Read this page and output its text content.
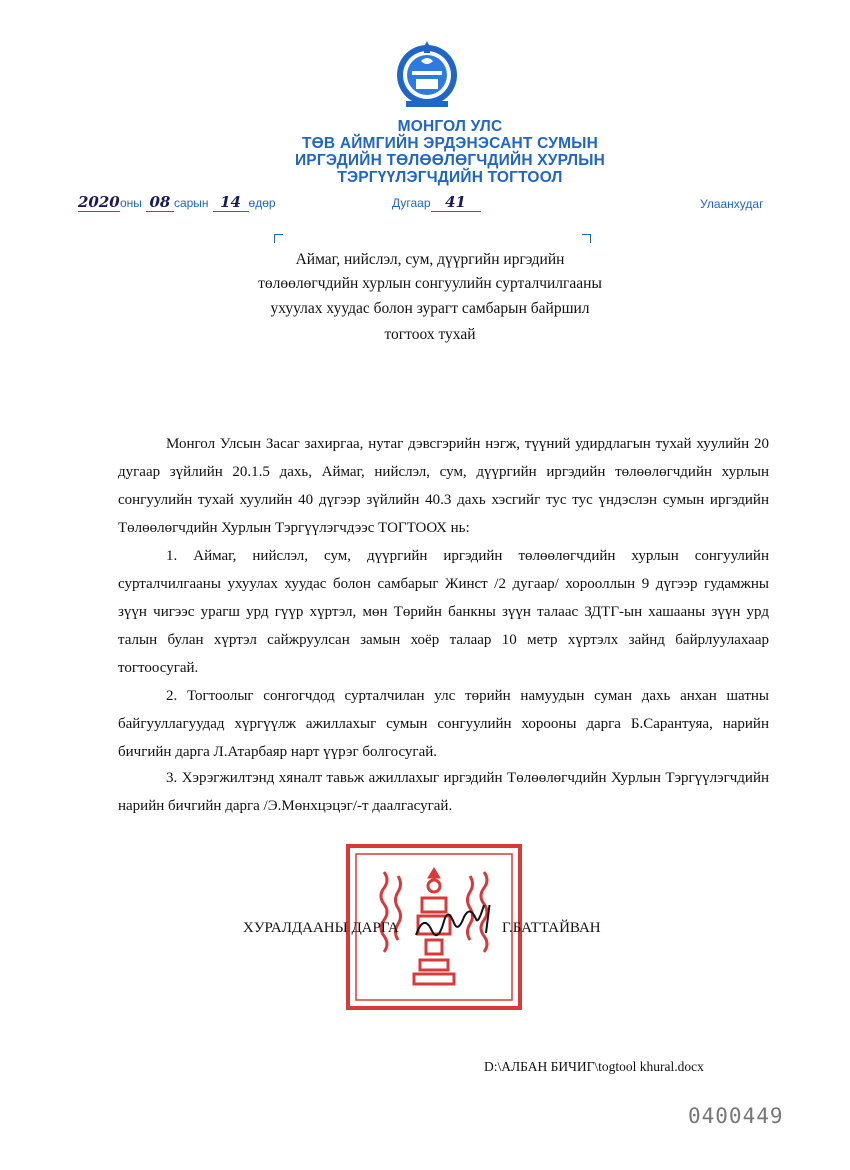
МОНГОЛ УЛС
ТӨВ АЙМГИЙН ЭРДЭНЭСАНТ СУМЫН
ИРГЭДИЙН ТӨЛӨӨЛӨГЧДИЙН ХУРЛЫН
ТЭРГҮҮЛЭГЧДИЙН ТОГТООЛ
2020оны 08 сарын 14 өдөр	Дугаар 41	Улаанхудаг
Аймаг, нийслэл, сум, дүүргийн иргэдийн
төлөөлөгчдийн хурлын сонгуулийн сурталчилгааны
ухуулах хуудас болон зурагт самбарын байршил
тогтоох тухай

Монгол Улсын Засаг захиргаа, нутаг дэвсгэрийн нэгж, түүний удирдлагын тухай хуулийн 20 дугаар зүйлийн 20.1.5 дахь, Аймаг, нийслэл, сум, дүүргийн иргэдийн төлөөлөгчдийн хурлын сонгуулийн тухай хуулийн 40 дүгээр зүйлийн 40.3 дахь хэсгийг тус тус үндэслэн сумын иргэдийн Төлөөлөгчдийн Хурлын Тэргүүлэгчдээс ТОГТООХ нь:

1. Аймаг, нийслэл, сум, дүүргийн иргэдийн төлөөлөгчдийн хурлын сонгуулийн сурталчилгааны ухуулах хуудас болон самбарыг Жинст /2 дугаар/ хорооллын 9 дүгээр гудамжны зүүн чигээс урагш урд гүүр хүртэл, мөн Төрийн банкны зүүн талаас ЗДТГ-ын хашааны зүүн урд талын булан хүртэл сайжруулсан замын хоёр талаар 10 метр хүртэлх зайнд байрлуулахаар тогтоосугай.

2. Тогтоолыг сонгогчдод сурталчилан улс төрийн намуудын суман дахь анхан шатны байгууллагуудад хүргүүлж ажиллахыг сумын сонгуулийн хорооны дарга Б.Сарантуяа, нарийн бичгийн дарга Л.Атарбаяр нарт үүрэг болгосугай.

3. Хэрэгжилтэнд хяналт тавьж ажиллахыг иргэдийн Төлөөлөгчдийн Хурлын Тэргүүлэгчдийн нарийн бичгийн дарга /Э.Мөнхцэцэг/-т даалгасугай.

ХУРАЛДААНЫ ДАРГА	Г.БАТТАЙВАН
D:\АЛБАН БИЧИГ\togtool khural.docx
0400449
